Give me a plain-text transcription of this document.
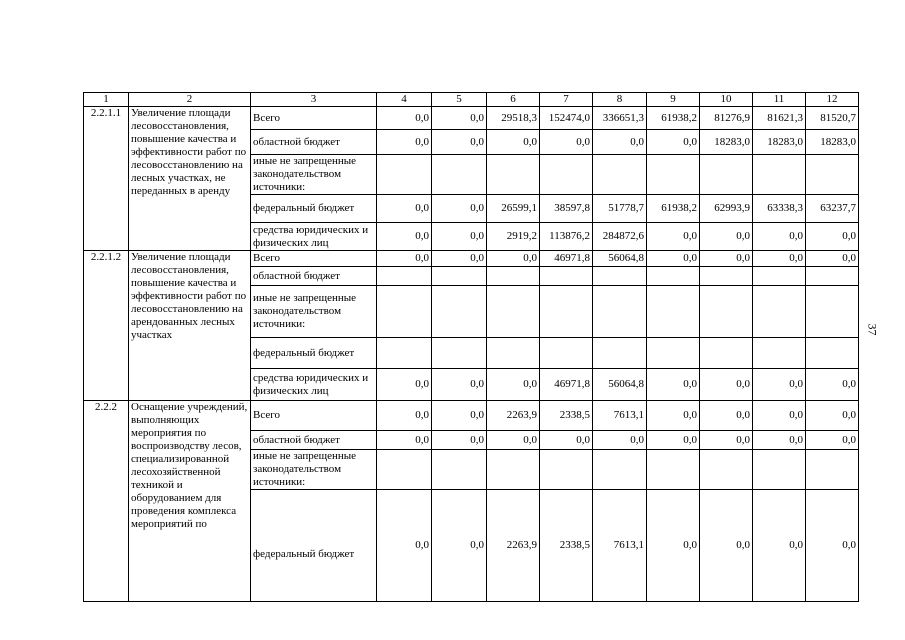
1	2	3	4	5	6	7	8	9	10	11	12
2.2.1.1	Увеличение площади лесовосстановления, повышение качества и эффективности работ по лесовосстановлению на лесных участках, не переданных в аренду	Всего	0,0	0,0	29518,3	152474,0	336651,3	61938,2	81276,9	81621,3	81520,7
		областной бюджет	0,0	0,0	0,0	0,0	0,0	0,0	18283,0	18283,0	18283,0
		иные не запрещенные законодательством источники:									
		федеральный бюджет	0,0	0,0	26599,1	38597,8	51778,7	61938,2	62993,9	63338,3	63237,7
		средства юридических и физических лиц	0,0	0,0	2919,2	113876,2	284872,6	0,0	0,0	0,0	0,0
2.2.1.2	Увеличение площади лесовосстановления, повышение качества и эффективности работ по лесовосстановлению на арендованных лесных участках	Всего	0,0	0,0	0,0	46971,8	56064,8	0,0	0,0	0,0	0,0
		областной бюджет									
		иные не запрещенные законодательством источники:									
		федеральный бюджет									
		средства юридических и физических лиц	0,0	0,0	0,0	46971,8	56064,8	0,0	0,0	0,0	0,0
2.2.2	Оснащение учреждений, выполняющих мероприятия по воспроизводству лесов, специализированной лесохозяйственной техникой и оборудованием для проведения комплекса мероприятий по	Всего	0,0	0,0	2263,9	2338,5	7613,1	0,0	0,0	0,0	0,0
		областной бюджет	0,0	0,0	0,0	0,0	0,0	0,0	0,0	0,0	0,0
		иные не запрещенные законодательством источники:									
		федеральный бюджет	0,0	0,0	2263,9	2338,5	7613,1	0,0	0,0	0,0	0,0
37
